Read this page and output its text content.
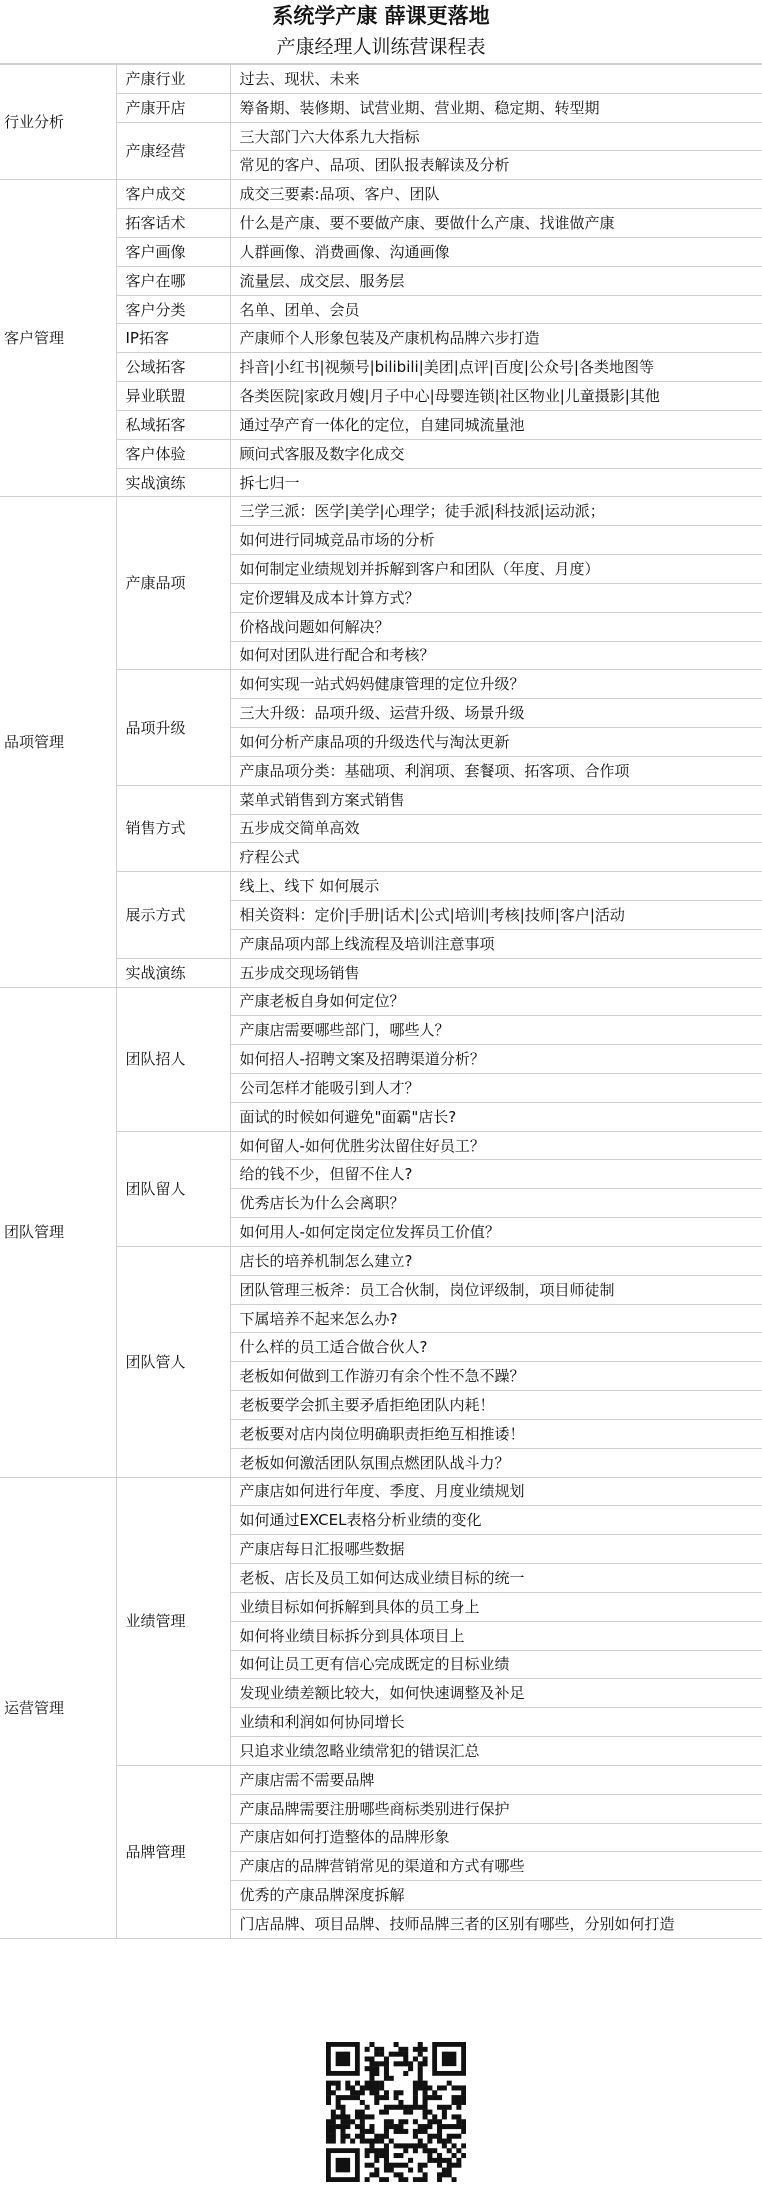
系统学产康 薛课更落地
产康经理人训练营课程表
行业分析	产康行业	过去、现状、未来
	产康开店	筹备期、装修期、试营业期、营业期、稳定期、转型期
	产康经营	三大部门六大体系九大指标
		常见的客户、品项、团队报表解读及分析
客户管理	客户成交	成交三要素:品项、客户、团队
	拓客话术	什么是产康、要不要做产康、要做什么产康、找谁做产康
	客户画像	人群画像、消费画像、沟通画像
	客户在哪	流量层、成交层、服务层
	客户分类	名单、团单、会员
	IP拓客	产康师个人形象包装及产康机构品牌六步打造
	公域拓客	抖音|小红书|视频号|bilibili|美团|点评|百度|公众号|各类地图等
	异业联盟	各类医院|家政月嫂|月子中心|母婴连锁|社区物业|儿童摄影|其他
	私域拓客	通过孕产育一体化的定位，自建同城流量池
	客户体验	顾问式客服及数字化成交
	实战演练	拆七归一
品项管理	产康品项	三学三派：医学|美学|心理学；徒手派|科技派|运动派；
		如何进行同城竞品市场的分析
		如何制定业绩规划并拆解到客户和团队（年度、月度）
		定价逻辑及成本计算方式？
		价格战问题如何解决？
		如何对团队进行配合和考核？
	品项升级	如何实现一站式妈妈健康管理的定位升级？
		三大升级：品项升级、运营升级、场景升级
		如何分析产康品项的升级迭代与淘汰更新
		产康品项分类：基础项、利润项、套餐项、拓客项、合作项
	销售方式	菜单式销售到方案式销售
		五步成交简单高效
		疗程公式
	展示方式	线上、线下 如何展示
		相关资料：定价|手册|话术|公式|培训|考核|技师|客户|活动
		产康品项内部上线流程及培训注意事项
	实战演练	五步成交现场销售
团队管理	团队招人	产康老板自身如何定位？
		产康店需要哪些部门，哪些人？
		如何招人-招聘文案及招聘渠道分析？
		公司怎样才能吸引到人才？
		面试的时候如何避免"面霸"店长?
	团队留人	如何留人-如何优胜劣汰留住好员工？
		给的钱不少，但留不住人?
		优秀店长为什么会离职？
		如何用人-如何定岗定位发挥员工价值？
	团队管人	店长的培养机制怎么建立?
		团队管理三板斧：员工合伙制，岗位评级制，项目师徒制
		下属培养不起来怎么办?
		什么样的员工适合做合伙人?
		老板如何做到工作游刃有余个性不急不躁？
		老板要学会抓主要矛盾拒绝团队内耗！
		老板要对店内岗位明确职责拒绝互相推诿！
		老板如何激活团队氛围点燃团队战斗力？
运营管理	业绩管理	产康店如何进行年度、季度、月度业绩规划
		如何通过EXCEL表格分析业绩的变化
		产康店每日汇报哪些数据
		老板、店长及员工如何达成业绩目标的统一
		业绩目标如何拆解到具体的员工身上
		如何将业绩目标拆分到具体项目上
		如何让员工更有信心完成既定的目标业绩
		发现业绩差额比较大，如何快速调整及补足
		业绩和利润如何协同增长
		只追求业绩忽略业绩常犯的错误汇总
	品牌管理	产康店需不需要品牌
		产康品牌需要注册哪些商标类别进行保护
		产康店如何打造整体的品牌形象
		产康店的品牌营销常见的渠道和方式有哪些
		优秀的产康品牌深度拆解
		门店品牌、项目品牌、技师品牌三者的区别有哪些，分别如何打造
